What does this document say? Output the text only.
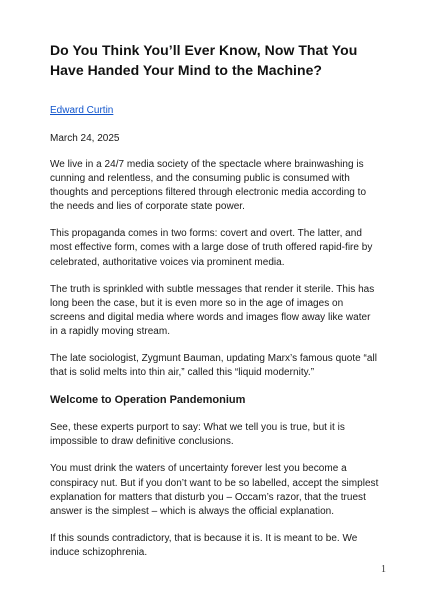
Do You Think You’ll Ever Know, Now That You Have Handed Your Mind to the Machine?
Edward Curtin

March 24, 2025

We live in a 24/7 media society of the spectacle where brainwashing is cunning and relentless, and the consuming public is consumed with thoughts and perceptions filtered through electronic media according to the needs and lies of corporate state power.

This propaganda comes in two forms: covert and overt. The latter, and most effective form, comes with a large dose of truth offered rapid-fire by celebrated, authoritative voices via prominent media.

The truth is sprinkled with subtle messages that render it sterile. This has long been the case, but it is even more so in the age of images on screens and digital media where words and images flow away like water in a rapidly moving stream.

The late sociologist, Zygmunt Bauman, updating Marx’s famous quote “all that is solid melts into thin air,” called this “liquid modernity.”

Welcome to Operation Pandemonium

See, these experts purport to say: What we tell you is true, but it is impossible to draw definitive conclusions.

You must drink the waters of uncertainty forever lest you become a conspiracy nut. But if you don’t want to be so labelled, accept the simplest explanation for matters that disturb you – Occam’s razor, that the truest answer is the simplest – which is always the official explanation.

If this sounds contradictory, that is because it is. It is meant to be. We induce schizophrenia.

1
